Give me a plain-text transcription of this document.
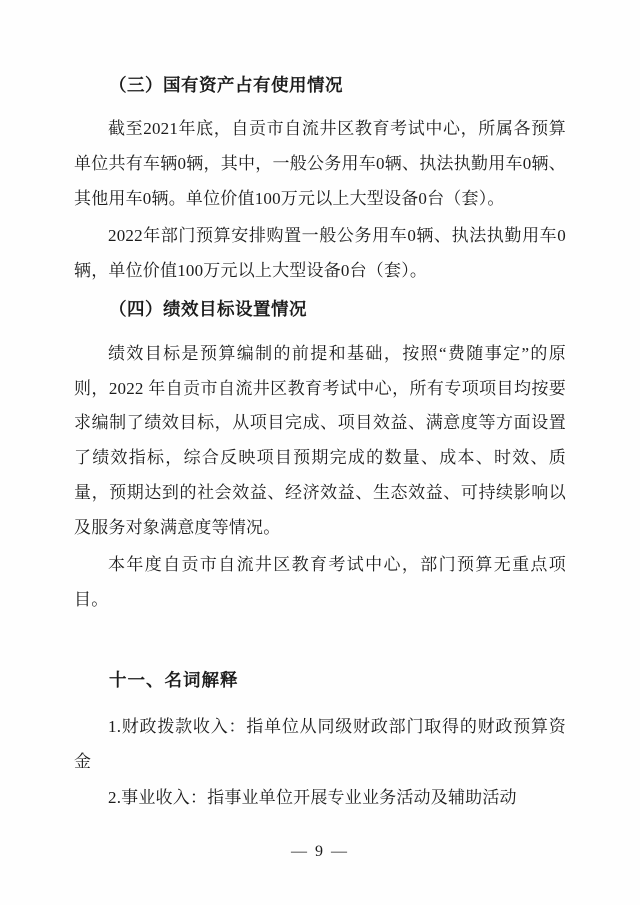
（三）国有资产占有使用情况

截至2021年底，自贡市自流井区教育考试中心，所属各预算单位共有车辆0辆，其中，一般公务用车0辆、执法执勤用车0辆、其他用车0辆。单位价值100万元以上大型设备0台（套）。

2022年部门预算安排购置一般公务用车0辆、执法执勤用车0辆，单位价值100万元以上大型设备0台（套）。

（四）绩效目标设置情况

绩效目标是预算编制的前提和基础，按照“费随事定”的原则，2022 年自贡市自流井区教育考试中心，所有专项项目均按要求编制了绩效目标，从项目完成、项目效益、满意度等方面设置了绩效指标，综合反映项目预期完成的数量、成本、时效、质量，预期达到的社会效益、经济效益、生态效益、可持续影响以及服务对象满意度等情况。

本年度自贡市自流井区教育考试中心，部门预算无重点项目。

十一、名词解释

1.财政拨款收入：指单位从同级财政部门取得的财政预算资金

2.事业收入：指事业单位开展专业业务活动及辅助活动

— 9 —
